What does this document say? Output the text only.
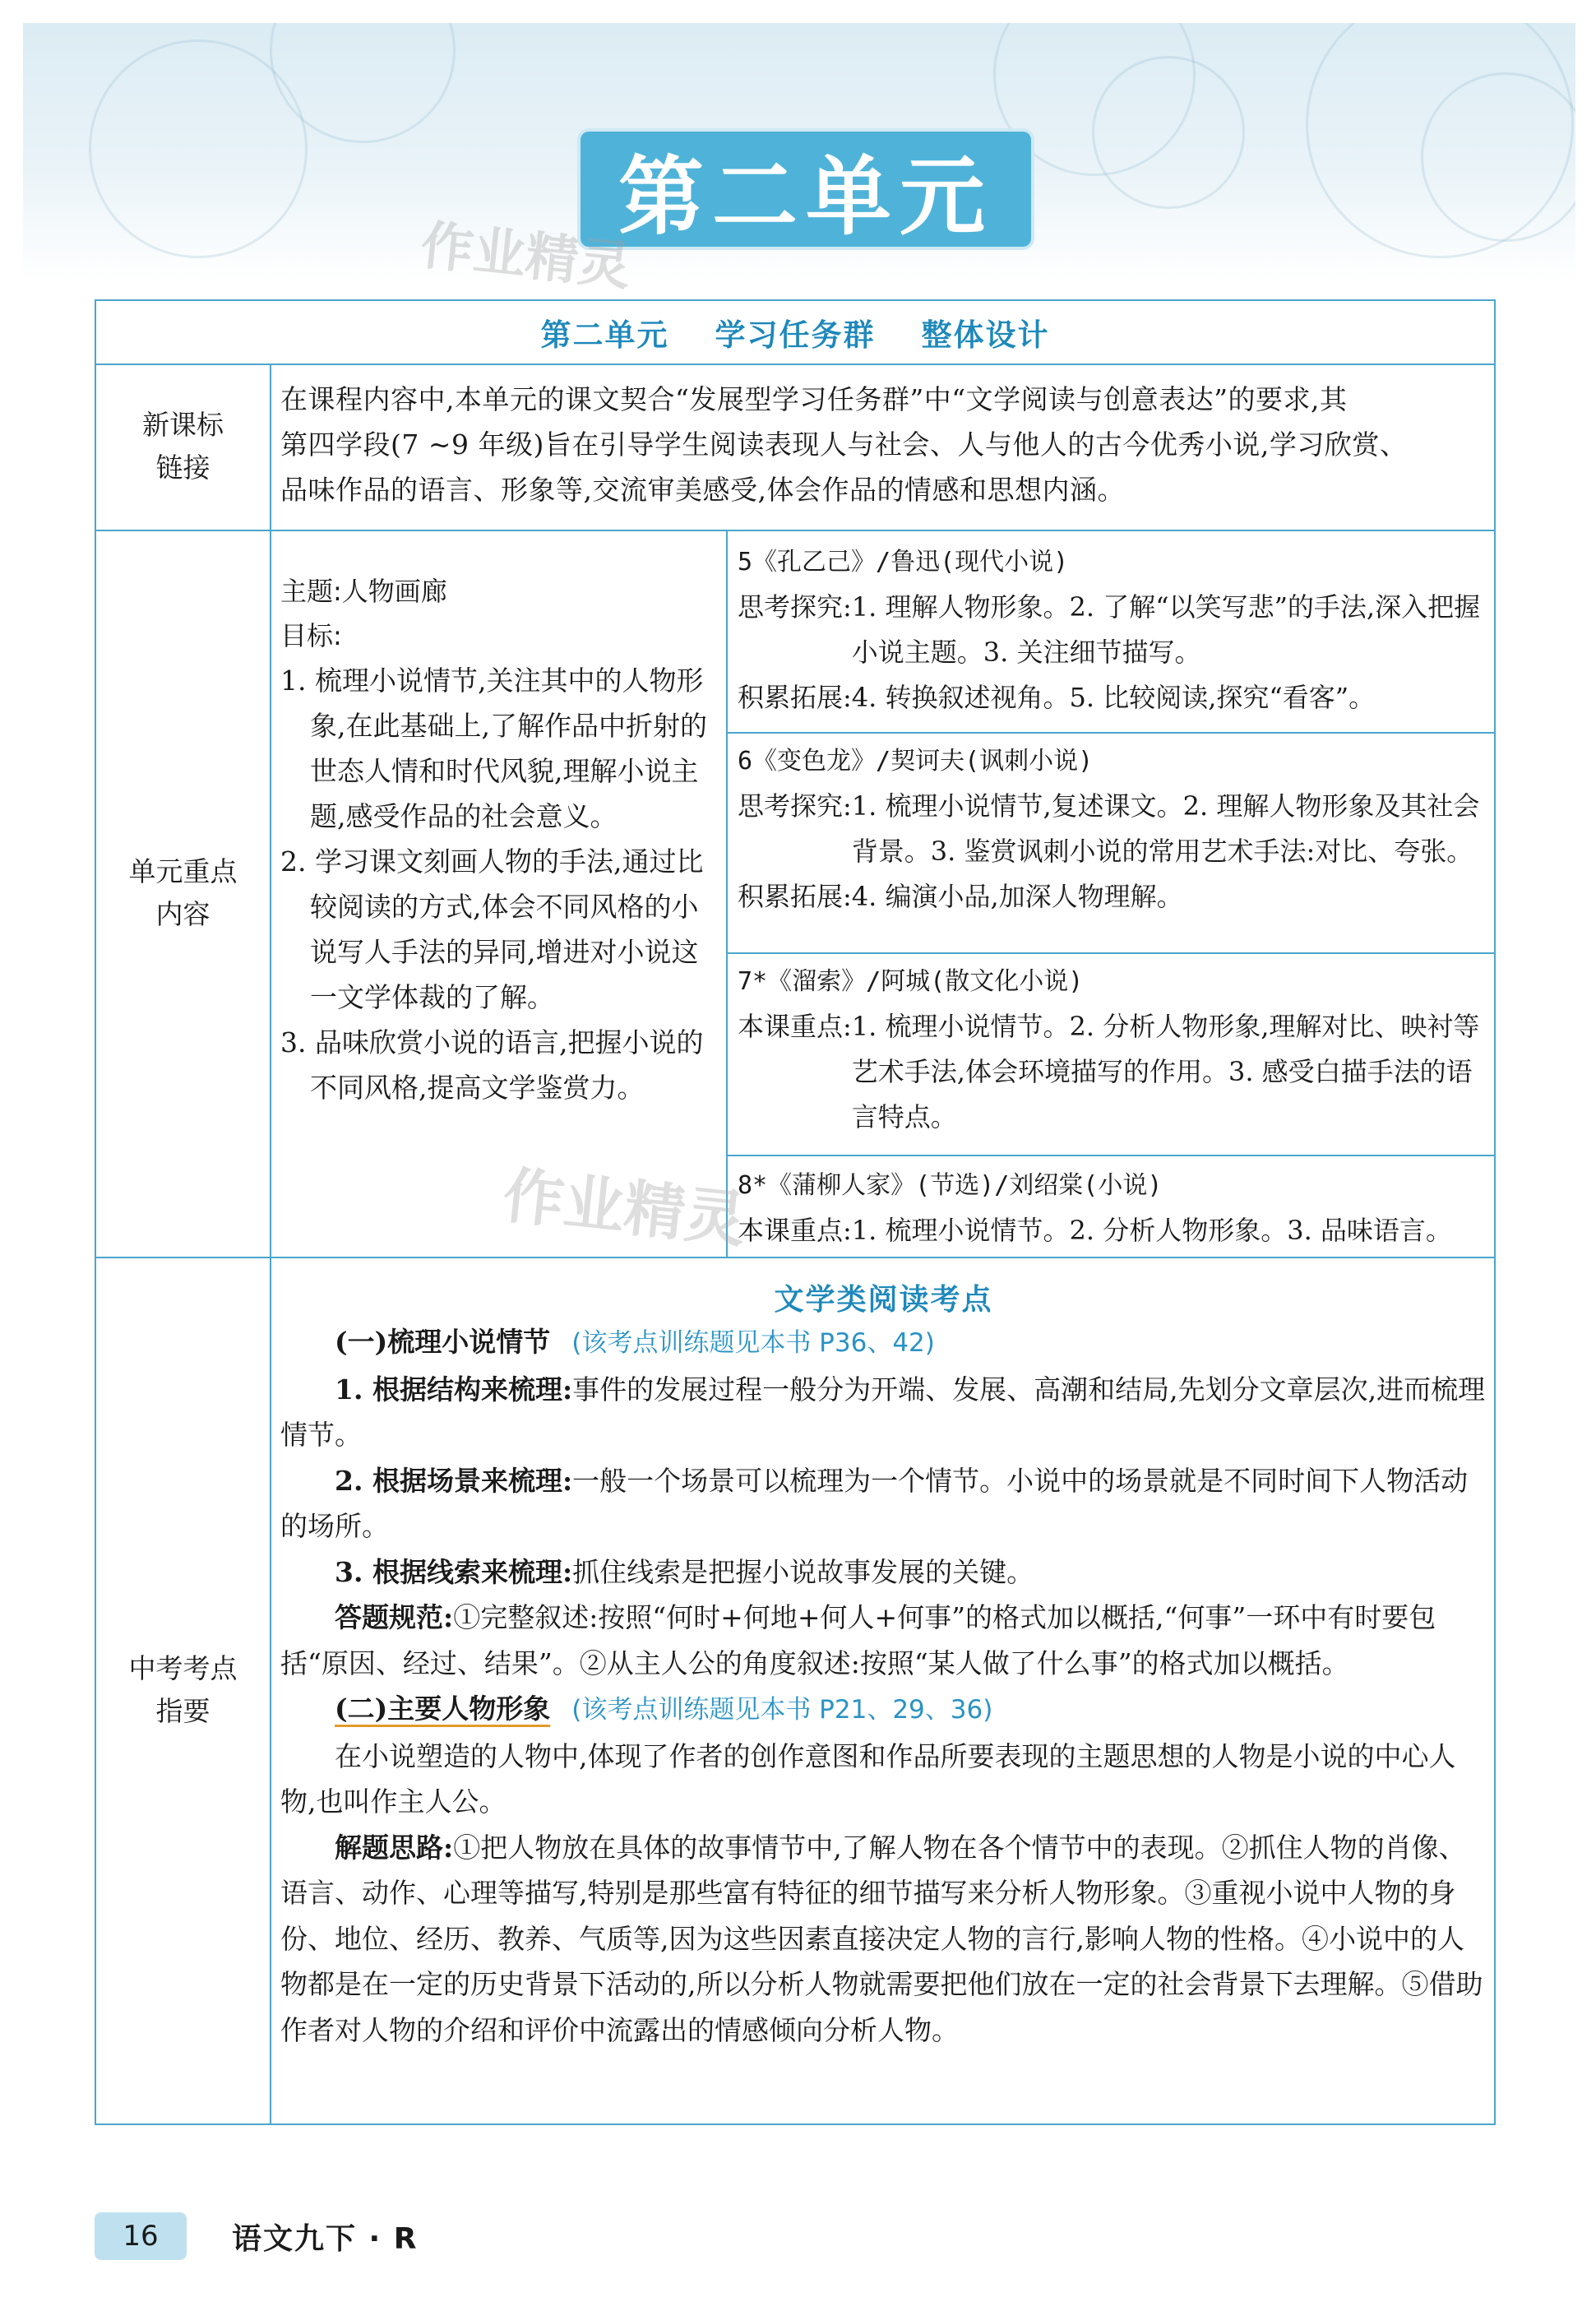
第二单元
作业精灵
第二单元 学习任务群 整体设计
新课标
链接

在课程内容中,本单元的课文契合“发展型学习任务群”中“文学阅读与创意表达”的要求,其

第四学段(7 ~9 年级)旨在引导学生阅读表现人与社会、人与他人的古今优秀小说,学习欣赏、

品味作品的语言、形象等,交流审美感受,体会作品的情感和思想内涵。

单元重点
内容

主题:人物画廊

目标:

1. 梳理小说情节,关注其中的人物形象,在此基础上,了解作品中折射的世态人情和时代风貌,理解小说主题,感受作品的社会意义。

2. 学习课文刻画人物的手法,通过比较阅读的方式,体会不同风格的小说写人手法的异同,增进对小说这一文学体裁的了解。

3. 品味欣赏小说的语言,把握小说的不同风格,提高文学鉴赏力。

5《孔乙己》/鲁迅(现代小说)
思考探究: 1. 理解人物形象。2. 了解“以笑写悲”的手法,深入把握小说主题。3. 关注细节描写。
积累拓展: 4. 转换叙述视角。5. 比较阅读,探究“看客”。
6《变色龙》/契诃夫(讽刺小说)
思考探究: 1. 梳理小说情节,复述课文。2. 理解人物形象及其社会背景。3. 鉴赏讽刺小说的常用艺术手法:对比、夸张。
积累拓展: 4. 编演小品,加深人物理解。
7*《溜索》/阿城(散文化小说)
本课重点: 1. 梳理小说情节。2. 分析人物形象,理解对比、映衬等艺术手法,体会环境描写的作用。3. 感受白描手法的语言特点。
8*《蒲柳人家》(节选)/刘绍棠(小说)
本课重点: 1. 梳理小说情节。2. 分析人物形象。3. 品味语言。
中考考点
指要
文学类阅读考点

(一)梳理小说情节 (该考点训练题见本书 P36、42)

1. 根据结构来梳理:事件的发展过程一般分为开端、发展、高潮和结局,先划分文章层次,进而梳理情节。

2. 根据场景来梳理:一般一个场景可以梳理为一个情节。小说中的场景就是不同时间下人物活动的场所。

3. 根据线索来梳理:抓住线索是把握小说故事发展的关键。

答题规范:①完整叙述:按照“何时+何地+何人+何事”的格式加以概括,“何事”一环中有时要包括“原因、经过、结果”。②从主人公的角度叙述:按照“某人做了什么事”的格式加以概括。

(二)主要人物形象 (该考点训练题见本书 P21、29、36)

在小说塑造的人物中,体现了作者的创作意图和作品所要表现的主题思想的人物是小说的中心人物,也叫作主人公。

解题思路:①把人物放在具体的故事情节中,了解人物在各个情节中的表现。②抓住人物的肖像、语言、动作、心理等描写,特别是那些富有特征的细节描写来分析人物形象。③重视小说中人物的身份、地位、经历、教养、气质等,因为这些因素直接决定人物的言行,影响人物的性格。④小说中的人物都是在一定的历史背景下活动的,所以分析人物就需要把他们放在一定的社会背景下去理解。⑤借助作者对人物的介绍和评价中流露出的情感倾向分析人物。

作业精灵
16	语文九下 · R
